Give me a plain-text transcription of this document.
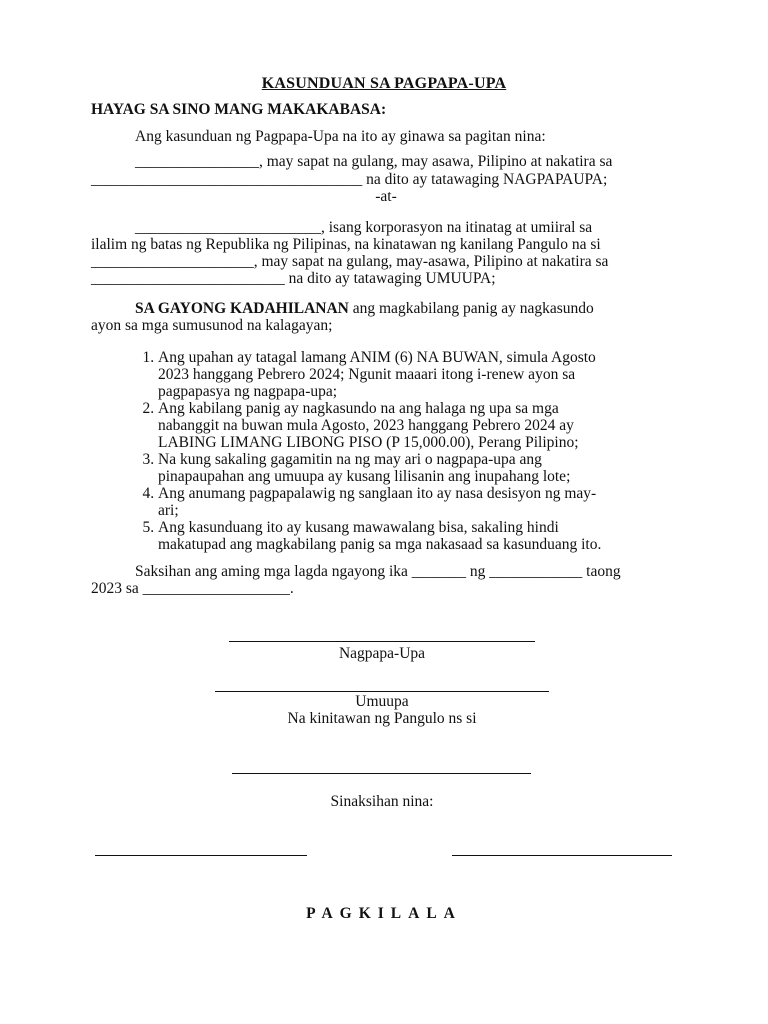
KASUNDUAN SA PAGPAPA-UPA
HAYAG SA SINO MANG MAKAKABASA:
Ang kasunduan ng Pagpapa-Upa na ito ay ginawa sa pagitan nina:
________________, may sapat na gulang, may asawa, Pilipino at nakatira sa
___________________________________ na dito ay tatawaging NAGPAPAUPA;
-at-
________________________, isang korporasyon na itinatag at umiiral sa
ilalim ng batas ng Republika ng Pilipinas, na kinatawan ng kanilang Pangulo na si
_____________________, may sapat na gulang, may-asawa, Pilipino at nakatira sa
_________________________ na dito ay tatawaging UMUUPA;
SA GAYONG KADAHILANAN ang magkabilang panig ay nagkasundo
ayon sa mga sumusunod na kalagayan;
1. Ang upahan ay tatagal lamang ANIM (6) NA BUWAN, simula Agosto
2023 hanggang Pebrero 2024; Ngunit maaari itong i-renew ayon sa
pagpapasya ng nagpapa-upa;
2. Ang kabilang panig ay nagkasundo na ang halaga ng upa sa mga
nabanggit na buwan mula Agosto, 2023 hanggang Pebrero 2024 ay
LABING LIMANG LIBONG PISO (P 15,000.00), Perang Pilipino;
3. Na kung sakaling gagamitin na ng may ari o nagpapa-upa ang
pinapaupahan ang umuupa ay kusang lilisanin ang inupahang lote;
4. Ang anumang pagpapalawig ng sanglaan ito ay nasa desisyon ng may-
ari;
5. Ang kasunduang ito ay kusang mawawalang bisa, sakaling hindi
makatupad ang magkabilang panig sa mga nakasaad sa kasunduang ito.
Saksihan ang aming mga lagda ngayong ika _______ ng ____________ taong
2023 sa ___________________.
Nagpapa-Upa
Umuupa
Na kinitawan ng Pangulo ns si
Sinaksihan nina:
PAGKILALA
